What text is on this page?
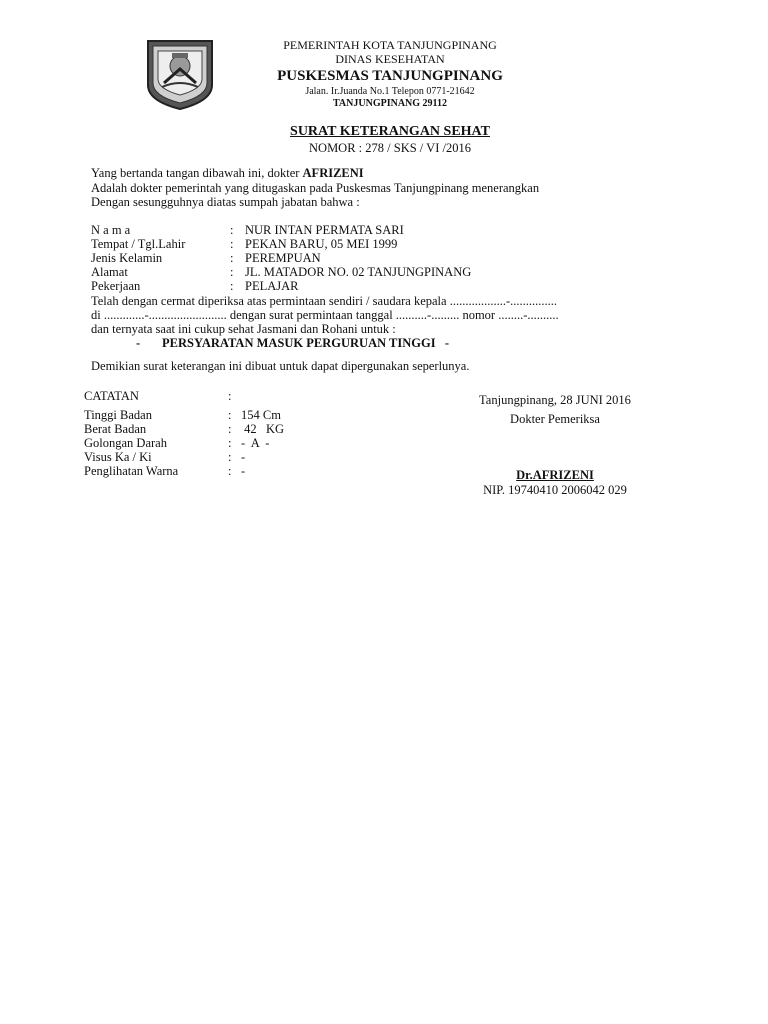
PEMERINTAH KOTA TANJUNGPINANG
DINAS KESEHATAN
PUSKESMAS TANJUNGPINANG
Jalan. Ir.Juanda No.1 Telepon 0771-21642
TANJUNGPINANG 29112
SURAT KETERANGAN SEHAT
NOMOR : 278 / SKS / VI /2016
Yang bertanda tangan dibawah ini, dokter AFRIZENI
Adalah dokter pemerintah yang ditugaskan pada Puskesmas Tanjungpinang menerangkan
Dengan sesungguhnya diatas sumpah jabatan bahwa :
N a m a	: NUR INTAN PERMATA SARI
Tempat / Tgl.Lahir	: PEKAN BARU, 05 MEI 1999
Jenis Kelamin	: PEREMPUAN
Alamat	: JL. MATADOR NO. 02 TANJUNGPINANG
Pekerjaan	: PELAJAR
Telah dengan cermat diperiksa atas permintaan sendiri / saudara kepala ..................-...............
di .............-......................... dengan surat permintaan tanggal ..........-......... nomor ........-..........
dan ternyata saat ini cukup sehat Jasmani dan Rohani untuk :
-       PERSYARATAN MASUK PERGURUAN TINGGI   -
Demikian surat keterangan ini dibuat untuk dapat dipergunakan seperlunya.
CATATAN	:
Tinggi Badan	: 154 Cm
Berat Badan	: 42   KG
Golongan Darah	: -  A  -
Visus Ka / Ki	: -
Penglihatan Warna	: -
Tanjungpinang, 28 JUNI 2016
Dokter Pemeriksa
Dr.AFRIZENI
NIP. 19740410 2006042 029
